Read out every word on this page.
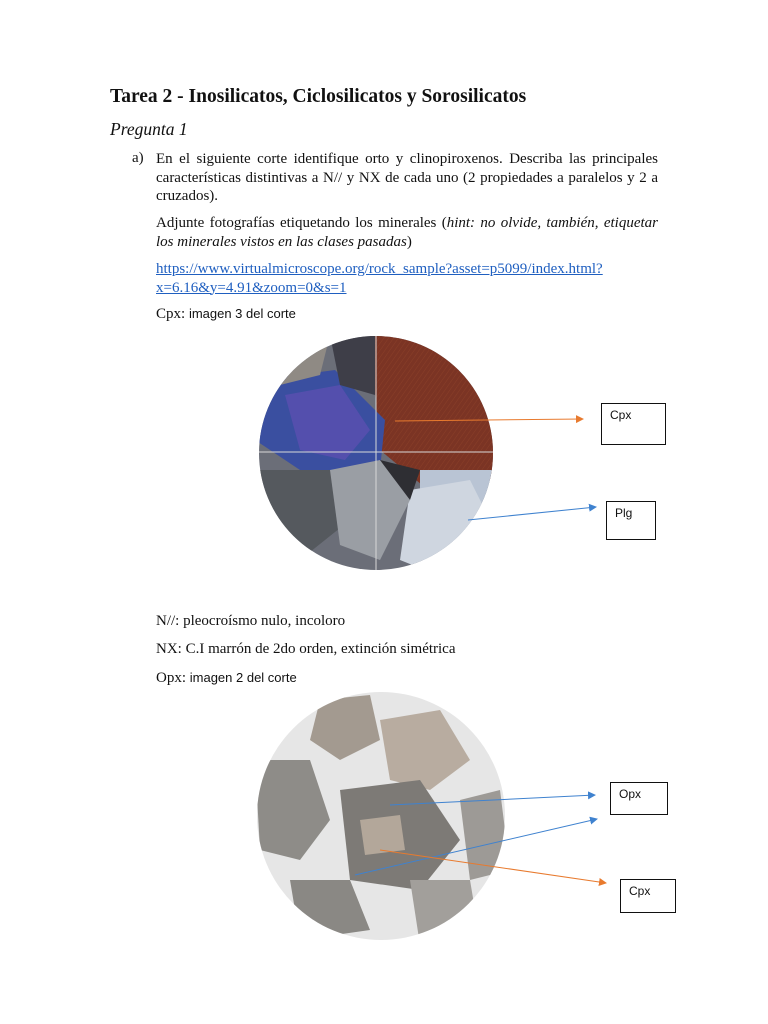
Tarea 2 - Inosilicatos, Ciclosilicatos y Sorosilicatos
Pregunta 1
a) En el siguiente corte identifique orto y clinopiroxenos. Describa las principales características distintivas a N// y NX de cada uno (2 propiedades a paralelos y 2 a cruzados).
Adjunte fotografías etiquetando los minerales (hint: no olvide, también, etiquetar los minerales vistos en las clases pasadas)
https://www.virtualmicroscope.org/rock_sample?asset=p5099/index.html?
x=6.16&y=4.91&zoom=0&s=1
Cpx: imagen 3 del corte
Cpx
Plg
N//: pleocroísmo nulo, incoloro
NX: C.I marrón de 2do orden, extinción simétrica
Opx: imagen 2 del corte
Opx
Cpx
